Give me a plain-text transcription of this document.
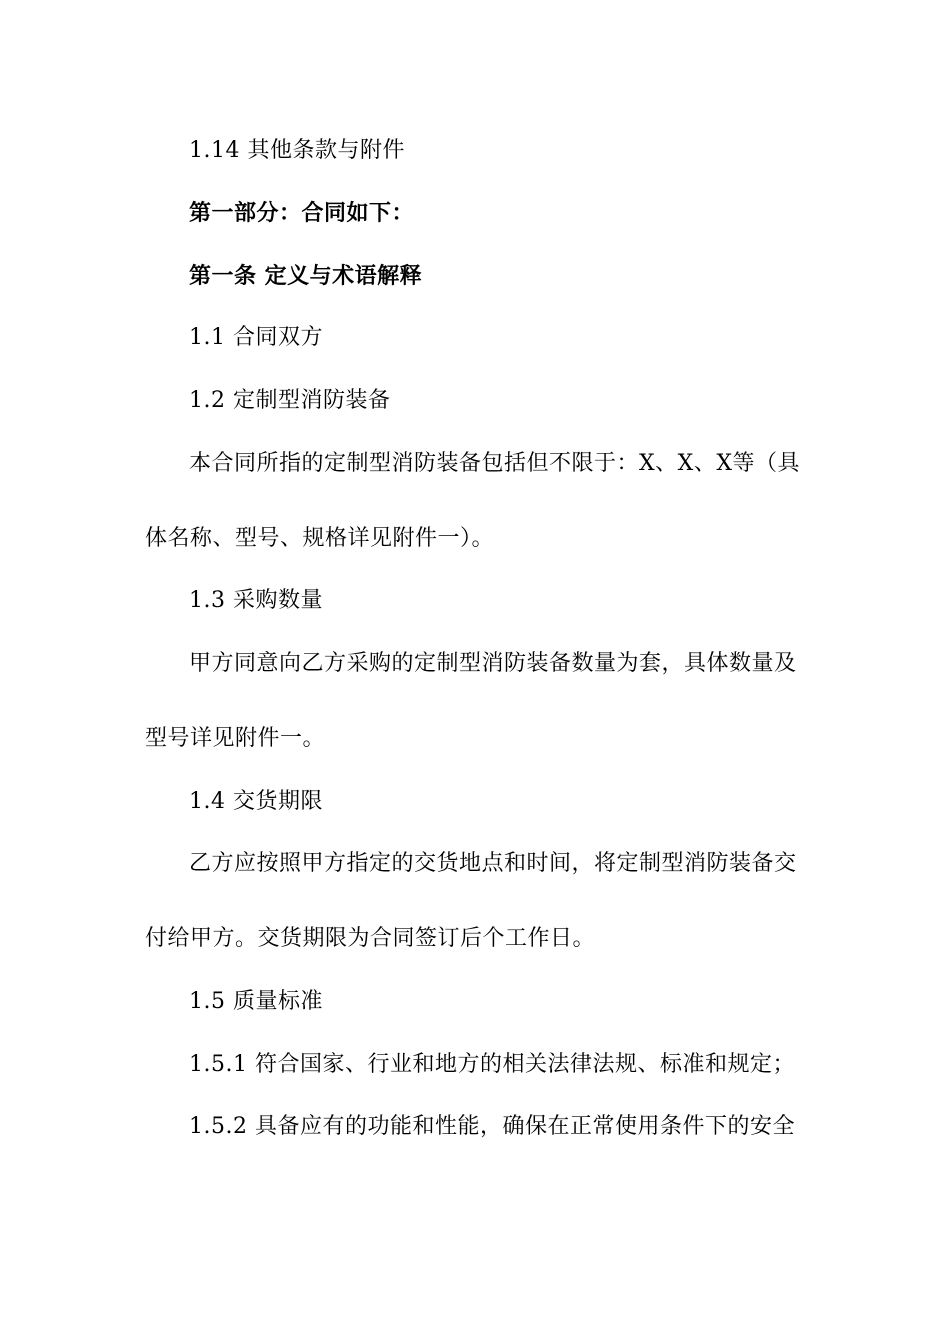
1.14 其他条款与附件
第一部分：合同如下：
第一条 定义与术语解释
1.1 合同双方
1.2 定制型消防装备
本合同所指的定制型消防装备包括但不限于：X、X、X等（具
体名称、型号、规格详见附件一）。
1.3 采购数量
甲方同意向乙方采购的定制型消防装备数量为套，具体数量及
型号详见附件一。
1.4 交货期限
乙方应按照甲方指定的交货地点和时间，将定制型消防装备交
付给甲方。交货期限为合同签订后个工作日。
1.5 质量标准
1.5.1 符合国家、行业和地方的相关法律法规、标准和规定；
1.5.2 具备应有的功能和性能，确保在正常使用条件下的安全
